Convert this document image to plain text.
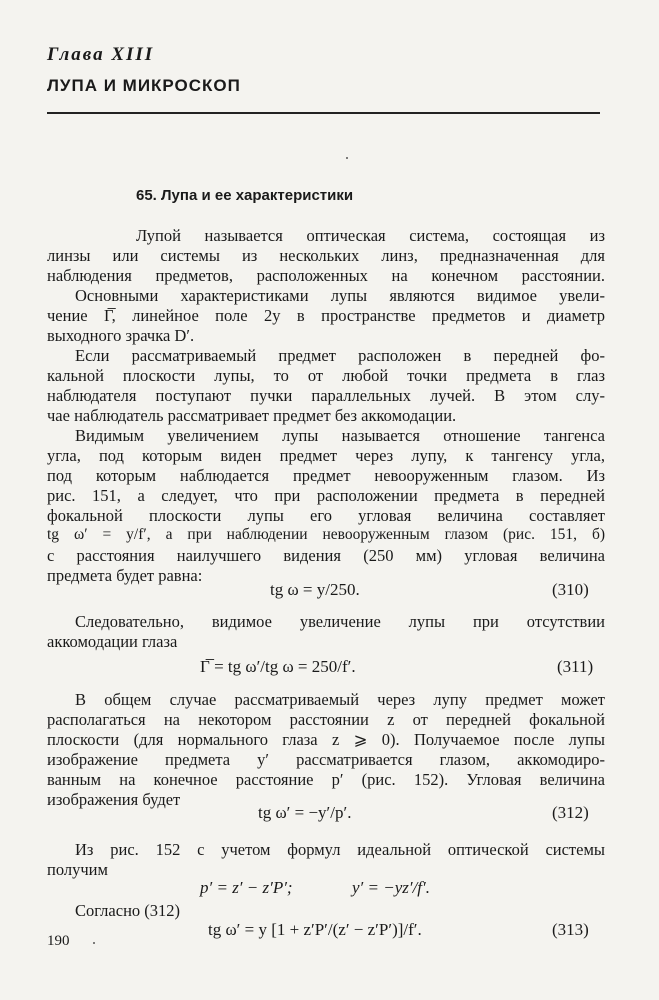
Глава XIII

ЛУПА И МИКРОСКОП

65. Лупа и ее характеристики

Лупой называется оптическая система, состоящая из

линзы или системы из нескольких линз, предназначенная для

наблюдения предметов, расположенных на конечном расстоянии.

Основными характеристиками лупы являются видимое увели-

чение Γ̅, линейное поле 2y в пространстве предметов и диаметр

выходного зрачка D′.

Если рассматриваемый предмет расположен в передней фо-

кальной плоскости лупы, то от любой точки предмета в глаз

наблюдателя поступают пучки параллельных лучей. В этом слу-

чае наблюдатель рассматривает предмет без аккомодации.

Видимым увеличением лупы называется отношение тангенса

угла, под которым виден предмет через лупу, к тангенсу угла,

под которым наблюдается предмет невооруженным глазом. Из

рис. 151, а следует, что при расположении предмета в передней

фокальной плоскости лупы его угловая величина составляет

tg ω′ = y/f′, а при наблюдении невооруженным глазом (рис. 151, б)

с расстояния наилучшего видения (250 мм) угловая величина

предмета будет равна:

tg ω = y/250.	(310)

Следовательно, видимое увеличение лупы при отсутствии

аккомодации глаза

Γ̅ = tg ω′/tg ω = 250/f′.	(311)

В общем случае рассматриваемый через лупу предмет может

располагаться на некотором расстоянии z от передней фокальной

плоскости (для нормального глаза z ⩾ 0). Получаемое после лупы

изображение предмета y′ рассматривается глазом, аккомодиро-

ванным на конечное расстояние p′ (рис. 152). Угловая величина

изображения будет

tg ω′ = −y′/p′.	(312)

Из рис. 152 с учетом формул идеальной оптической системы

получим

p′ = z′ − z′P′;	y′ = −yz′/f′.

Согласно (312)

tg ω′ = y [1 + z′P′/(z′ − z′P′)]/f′.	(313)

190
